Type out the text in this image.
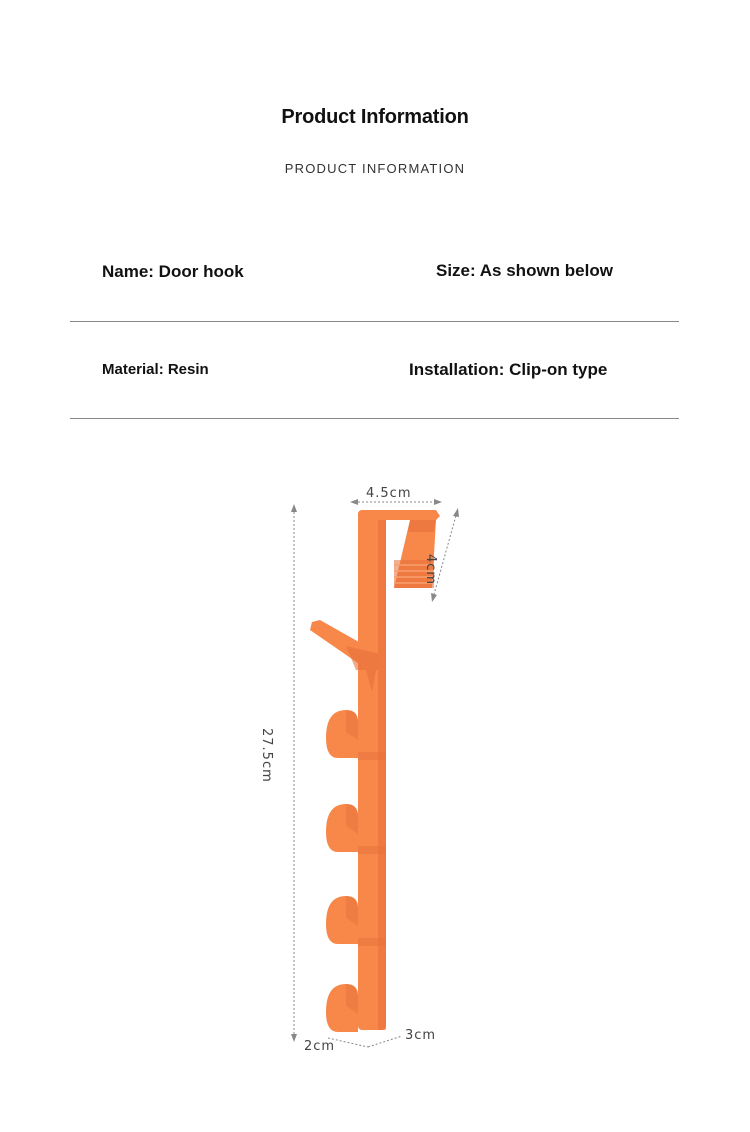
Product Information
PRODUCT INFORMATION
Name: Door hook	Size: As shown below
Material: Resin	Installation: Clip-on type
4.5cm
4cm
27.5cm
2cm
3cm
